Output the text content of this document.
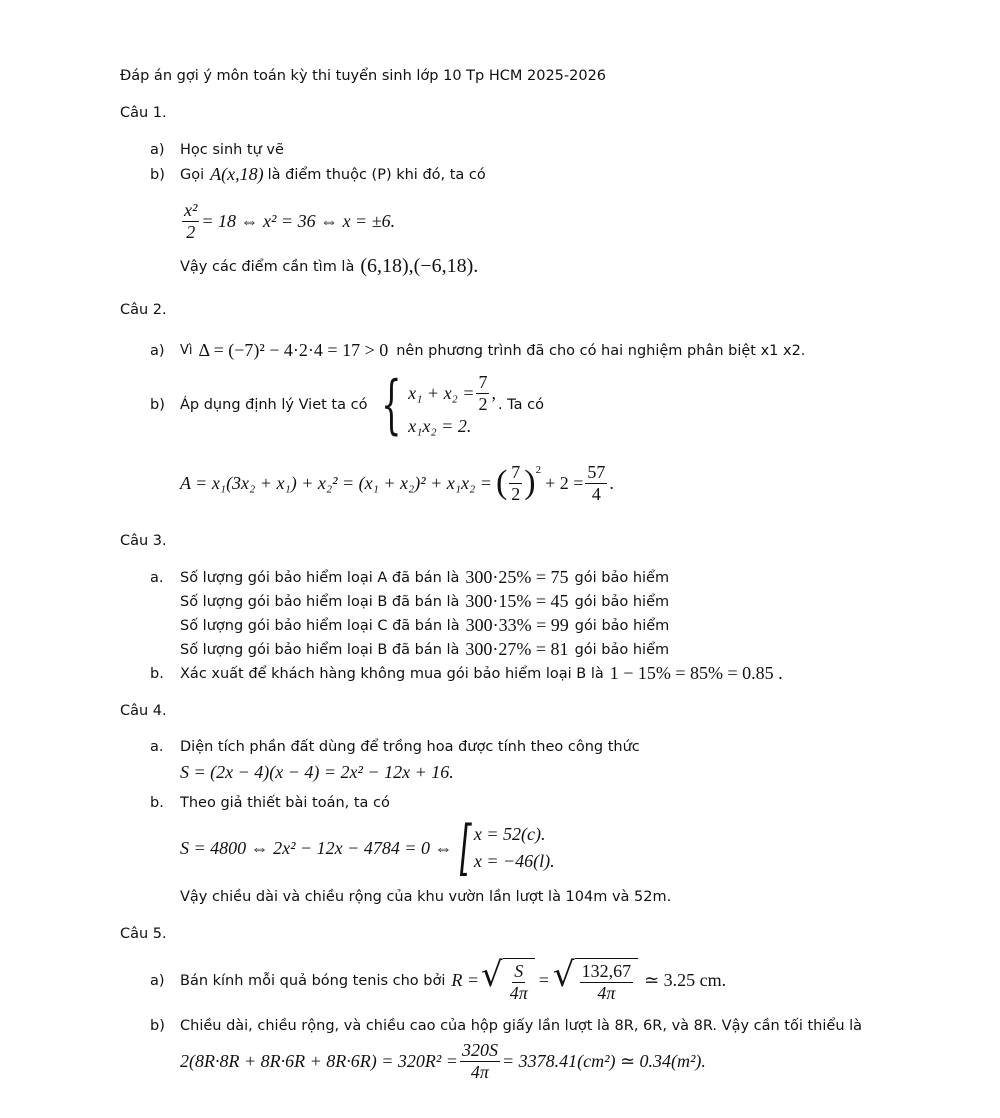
Đáp án gợi ý môn toán kỳ thi tuyển sinh lớp 10 Tp HCM 2025-2026
Câu 1.
a) Học sinh tự vẽ
b)	Gọi A(x,18) là điểm thuộc (P) khi đó, ta có
$\frac{\text{x²}}{2} = 18$ ⇔ x² = 36 ⇔ x = ±6.
Vậy các điểm cần tìm là (6,18),(−6,18).
Câu 2.
a)	Vì Δ = (−7)² − 4·2·4 = 17 > 0 nên phương trình đã cho có hai nghiệm phân biệt x1 x2.
b)	Áp dụng định lý Viet ta có { $x_1 + x_2 = \frac{7}{2}$ ,
x₁x₂ = 2.
. Ta có
A = x₁(3x₂ + x₁) + x₂² = (x₁ + x₂)² + x₁x₂ = ( $\frac{7}{2} )^2$
+ $2 = \frac{57}{4}$ .
Câu 3.
a. Số lượng gói bảo hiểm loại A đã bán là 300·25% = 75 gói bảo hiểm
Số lượng gói bảo hiểm loại B đã bán là 300·15% = 45 gói bảo hiểm
Số lượng gói bảo hiểm loại C đã bán là 300·33% = 99 gói bảo hiểm
Số lượng gói bảo hiểm loại B đã bán là 300·27% = 81 gói bảo hiểm
b.	Xác xuất để khách hàng không mua gói bảo hiểm loại B là 1 − 15% = 85% = 0.85 .
Câu 4.
a.	Diện tích phần đất dùng để trồng hoa được tính theo công thức
S = (2x − 4)(x − 4) = 2x² − 12x + 16.
b.	Theo giả thiết bài toán, ta có
S = 4800 ⇔ 2x² − 12x − 4784 = 0 ⇔ [ x = 52(c).
x = −46(l).
Vậy chiều dài và chiều rộng của khu vườn lần lượt là 104m và 52m.
Câu 5.
a)	Bán kính mỗi quả bóng tenis cho bởi R = √ $\frac{S}{4\pi}$ = √ $\frac{132,67}{4\pi}$ ≃ 3.25 cm.
b)	Chiều dài, chiều rộng, và chiều cao của hộp giấy lần lượt là 8R, 6R, và 8R. Vậy cần tối thiểu là
$2(8R\cdot 8R + 8R\cdot 6R + 8R\cdot 6R) = 320R^2 = \frac{320S}{4\pi} = 3378.41(cm^2)$ ≃ 0.34(m²).
